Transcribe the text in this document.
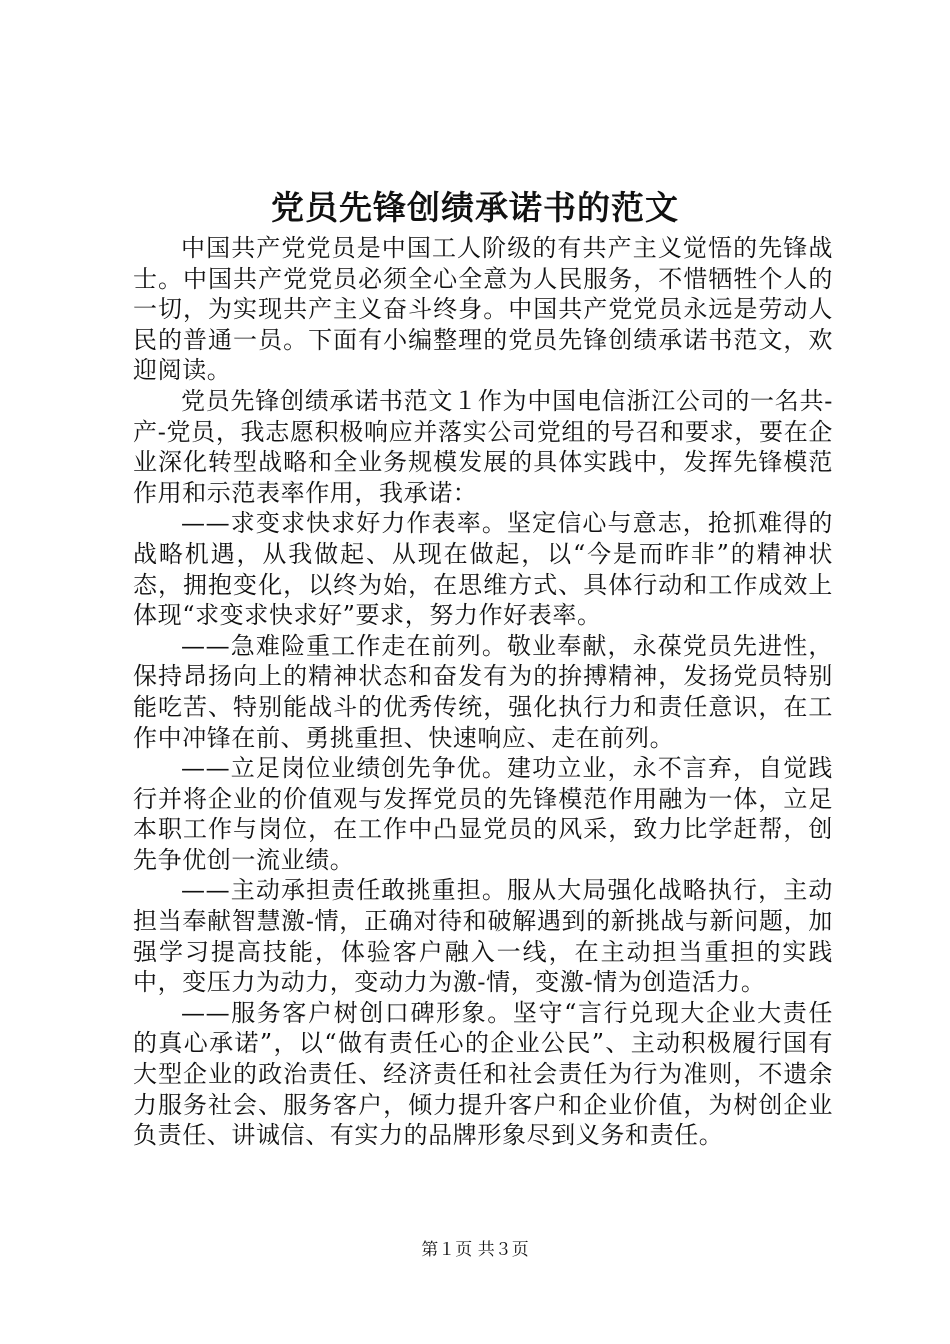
党员先锋创绩承诺书的范文

中国共产党党员是中国工人阶级的有共产主义觉悟的先锋战士。中国共产党党员必须全心全意为人民服务，不惜牺牲个人的一切，为实现共产主义奋斗终身。中国共产党党员永远是劳动人民的普通一员。下面有小编整理的党员先锋创绩承诺书范文，欢迎阅读。

党员先锋创绩承诺书范文１作为中国电信浙江公司的一名共-产-党员，我志愿积极响应并落实公司党组的号召和要求，要在企业深化转型战略和全业务规模发展的具体实践中，发挥先锋模范作用和示范表率作用，我承诺：

——求变求快求好力作表率。坚定信心与意志，抢抓难得的战略机遇，从我做起、从现在做起，以“今是而昨非”的精神状态，拥抱变化，以终为始，在思维方式、具体行动和工作成效上体现“求变求快求好”要求，努力作好表率。

——急难险重工作走在前列。敬业奉献，永葆党员先进性，保持昂扬向上的精神状态和奋发有为的拚搏精神，发扬党员特别能吃苦、特别能战斗的优秀传统，强化执行力和责任意识，在工作中冲锋在前、勇挑重担、快速响应、走在前列。

——立足岗位业绩创先争优。建功立业，永不言弃，自觉践行并将企业的价值观与发挥党员的先锋模范作用融为一体，立足本职工作与岗位，在工作中凸显党员的风采，致力比学赶帮，创先争优创一流业绩。

——主动承担责任敢挑重担。服从大局强化战略执行，主动担当奉献智慧激-情，正确对待和破解遇到的新挑战与新问题，加强学习提高技能，体验客户融入一线，在主动担当重担的实践中，变压力为动力，变动力为激-情，变激-情为创造活力。

——服务客户树创口碑形象。坚守“言行兑现大企业大责任的真心承诺”，以“做有责任心的企业公民”、主动积极履行国有大型企业的政治责任、经济责任和社会责任为行为准则，不遗余力服务社会、服务客户，倾力提升客户和企业价值，为树创企业负责任、讲诚信、有实力的品牌形象尽到义务和责任。

第１页 共３页
